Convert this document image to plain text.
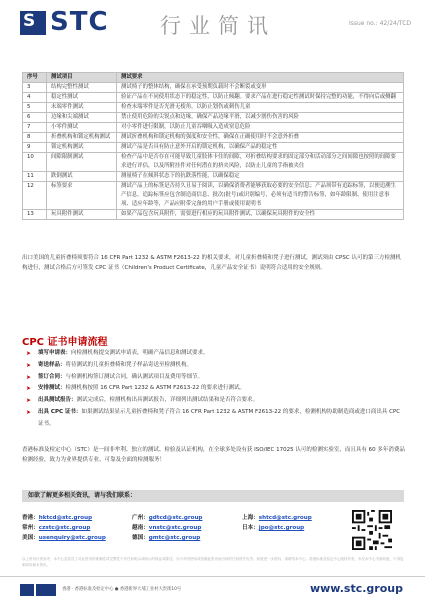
S STC 行业简讯	Issue no.: 42/24/TCD
序号	测试项目	测试要求
3	结构完整性测试	测试椅子的整体结构，确保在承受预期负载时不会断裂或变形
4	稳定性测试	验证产品在不同使用状态下的稳定性，以防止倾翻。要求产品在进行稳定性测试时保持完整的功能，不得向后或侧翻
5	末端零件测试	检查末端零件是否光滑无棱角，以防止划伤或刺伤儿童
6	边缘和尖端测试	禁止使用危险的尖锐点和边缘，确保产品边缘平滑，以减少割伤伤害的风险
7	小零件测试	对小零件进行限制，以防止儿童吞咽吸入造成窒息危险
8	折叠机构和锁定机构测试	测试折叠机构和锁定机构的强度和安全性，确保在正确使用时不会意外折叠
9	锁定机构测试	测试产品是否具有防止意外开启的锁定机构，以确保产品的稳定性
10	间隙限制测试	检查产品中是否存在可能导致儿童肢体卡住的间隙，对折叠结构要求的固定部分和活动部分之间间隙也按照的间隙要求进行评估，以及所附挂件对任何潜在的挤夹风险，以防止儿童的手指被夹住
11	跌倒测试	测量椅子在倾斜状态下的抗跌落性能，以确保稳定
12	标签要求	测试产品上的标签是否持久且易于阅读，以确保消费者能够获取必要的安全信息；产品须带有追踪标签，以便追溯生产信息，追踪标签应包含制造商信息、批次(批号)或识别编号，必须有适当的警告标签，如年龄限制、使用注意事项、适应年龄等，产品应附带完备的用户手册或使用说明书
13	玩具附件测试	如果产品包含玩具附件，需要进行相应的玩具附件测试，以确保玩具附件的安全性
出口美国的儿童折叠椅须要符合 16 CFR Part 1232 & ASTM F2613-22 的相关要求，对儿童折叠椅和凳子进行测试，测试须由 CPSC 认可的第三方检测机构进行，测试合格后方可签发 CPC 证书（Children's Product Certificate，儿童产品安全证书）说明符合适用的安全规则。
CPC 证书申请流程
➤ 填写申请表：向检测机构提交测试申请表，明确产品信息和测试要求。
➤ 寄送样品：将待测试的儿童折叠椅和凳子样品寄送至检测机构。
➤ 签订合同：与检测机构签订测试合同，确认测试项目及费用等细节。
➤ 安排测试：检测机构按照 16 CFR Part 1232 & ASTM F2613-22 的要求进行测试。
➤ 出具测试报告：测试完成后，检测机构出具测试报告，详细列出测试结果和是否符合要求。
➤ 出具 CPC 证书：如果测试结果显示儿童折叠椅和凳子符合 16 CFR Part 1232 & ASTM F2613-22 的要求，检测机构协助制造商或进口商出具 CPC 证书。
香港标准及检定中心（STC）是一间非牟利、独立的测试、检验及认证机构，在全球多处设有获 ISO/IEC 17025 认可的检测实验室，而且具有 60 多年消费品检测经验，致力为业界提供专业、可靠及全面的检测服务！
如欲了解更多相关资讯，请与我们联系：
香港：hktcd@stc.group	广州：gdtcd@stc.group	上海：shtcd@stc.group
常州：czstc@stc.group	越南：vnstc@stc.group	日本：jpo@stc.group
美国：usenquiry@stc.group	德国：gmtc@stc.group
以上资讯仅供参考，本中心及其员工对此资讯的准确性或完整性不作任何明示或暗示的保证或陈述，亦不对因使用或依赖此资讯而引致的任何损失负责。如需进一步资料，请联络本中心。香港标准及检定中心版权所有，未经本中心书面同意，不得复制或转载本资讯。
香港 · 香港标准及检定中心 ● 香港新界大埔工业村大贵街10号	www.stc.group
